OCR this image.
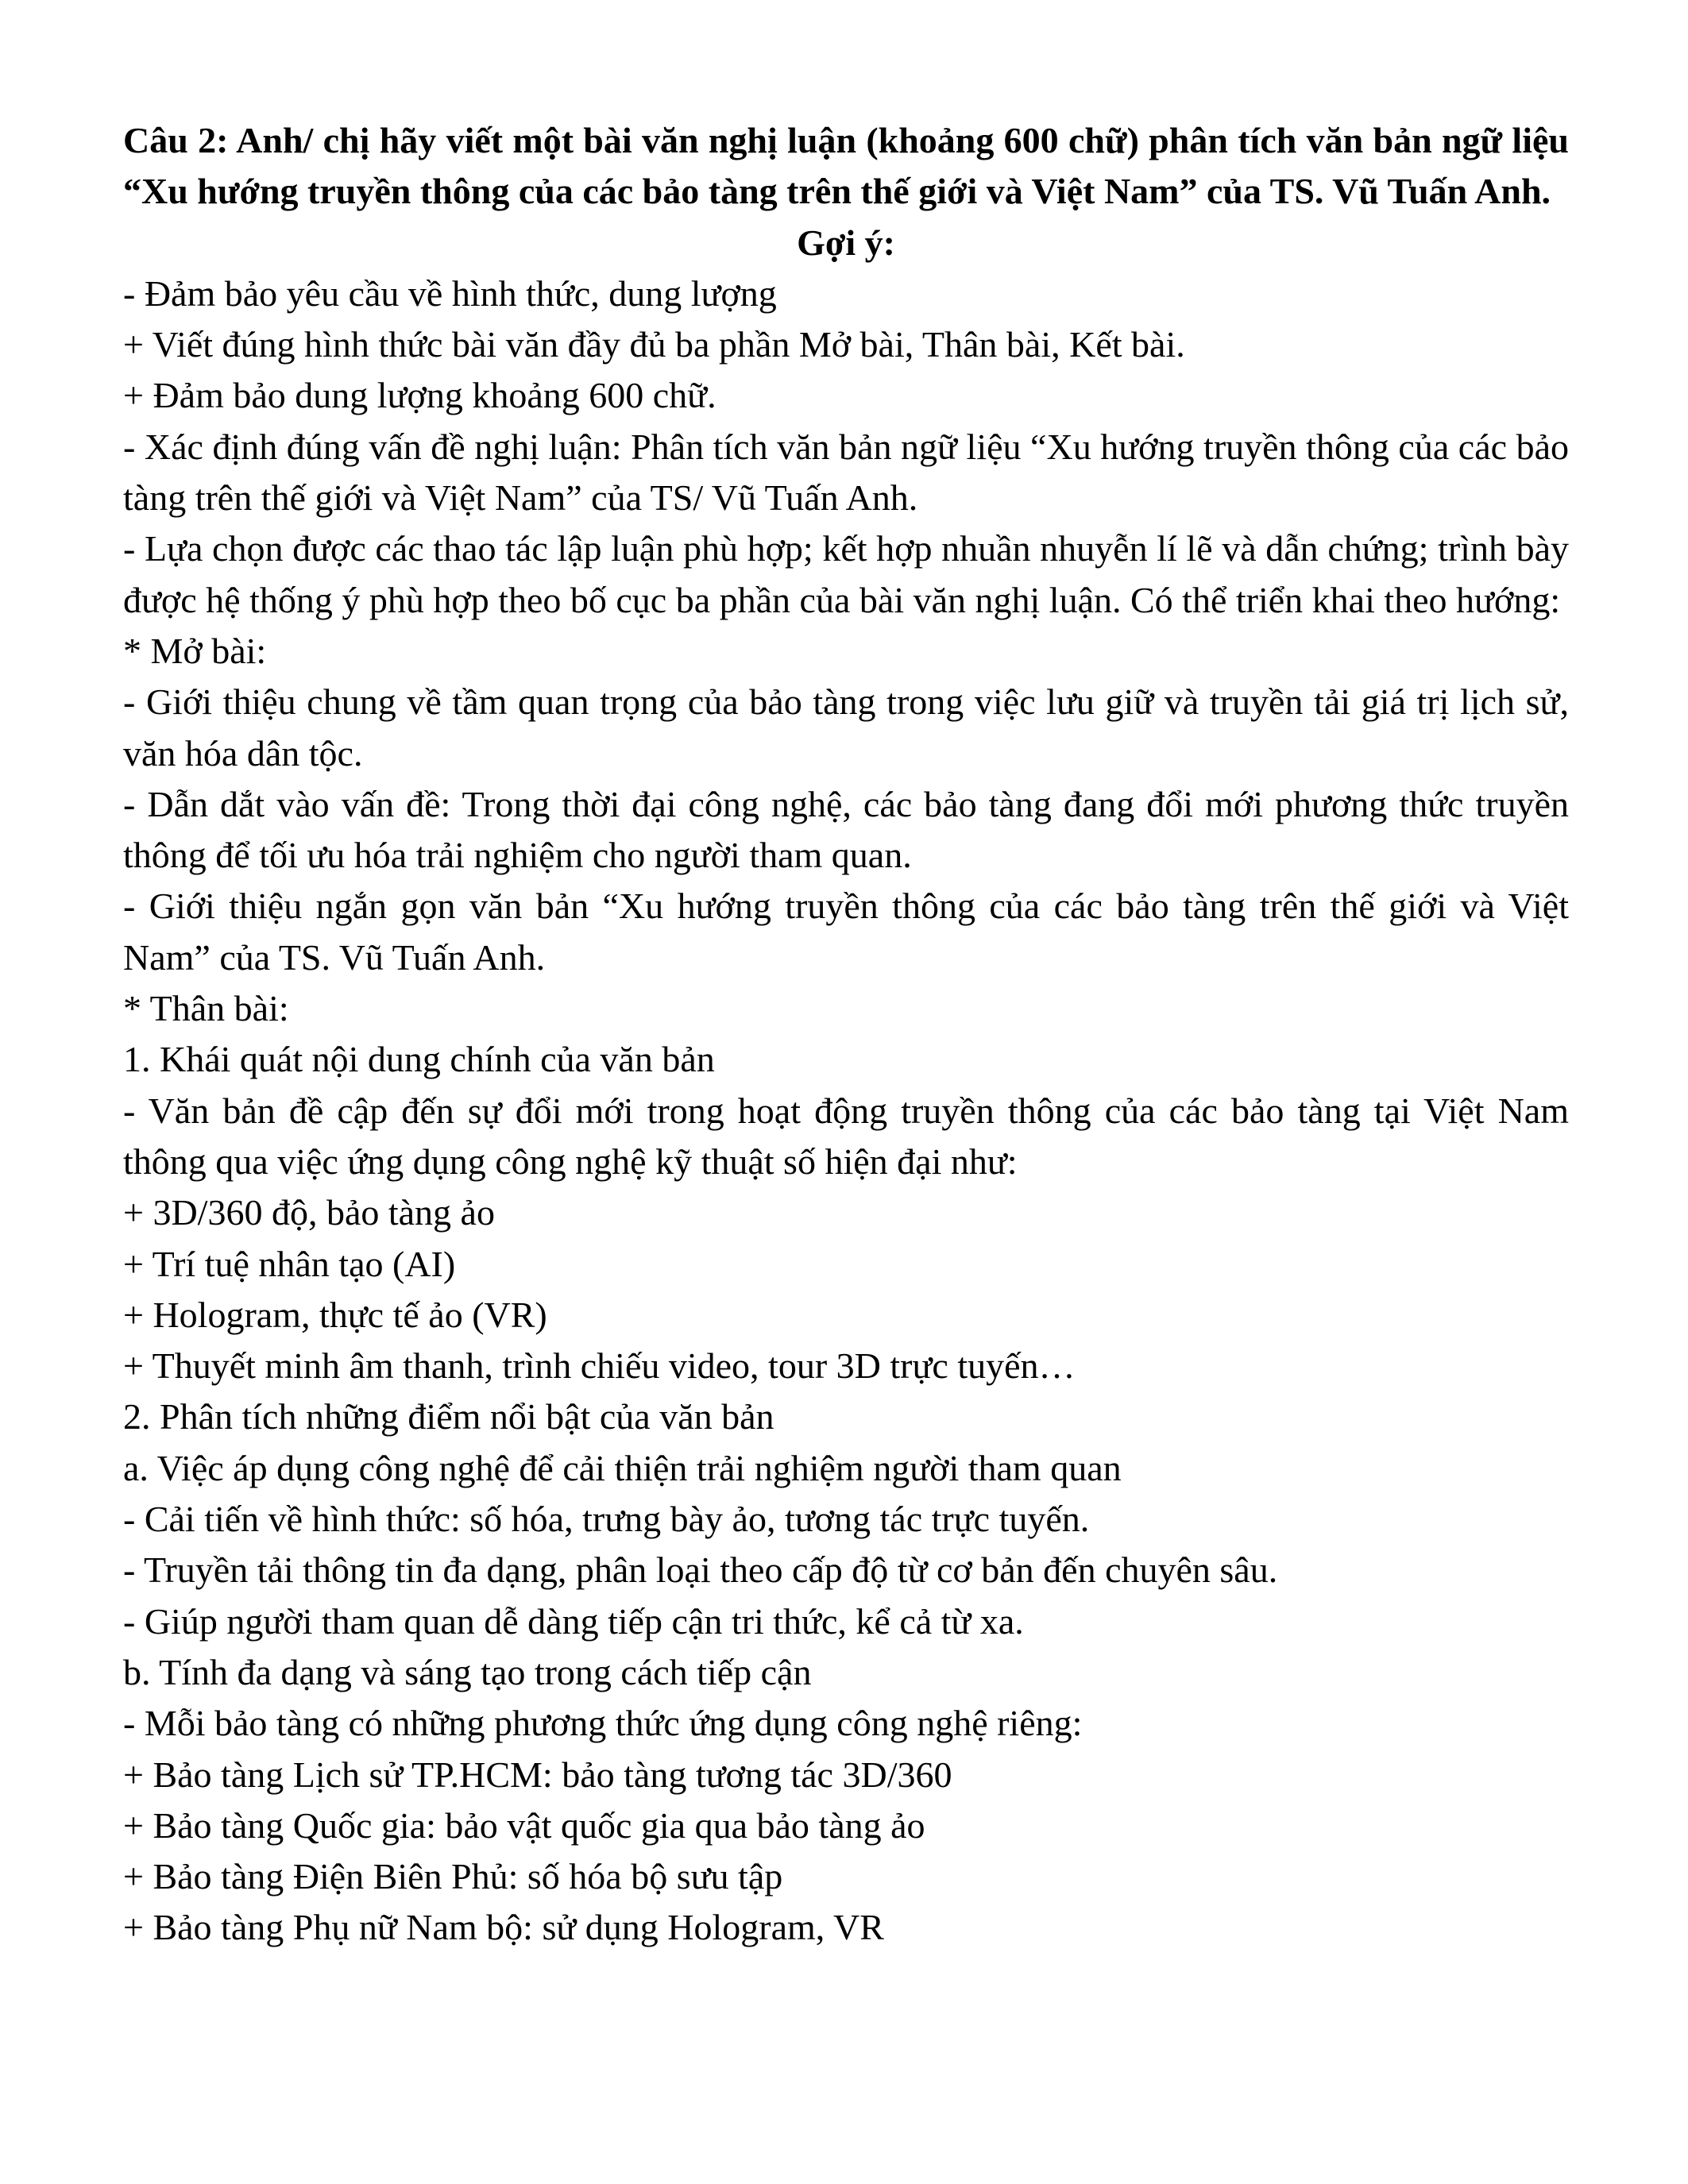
Câu 2: Anh/ chị hãy viết một bài văn nghị luận (khoảng 600 chữ) phân tích văn bản ngữ liệu “Xu hướng truyền thông của các bảo tàng trên thế giới và Việt Nam” của TS. Vũ Tuấn Anh.

Gợi ý:

- Đảm bảo yêu cầu về hình thức, dung lượng

+ Viết đúng hình thức bài văn đầy đủ ba phần Mở bài, Thân bài, Kết bài.

+ Đảm bảo dung lượng khoảng 600 chữ.

- Xác định đúng vấn đề nghị luận: Phân tích văn bản ngữ liệu “Xu hướng truyền thông của các bảo tàng trên thế giới và Việt Nam” của TS/ Vũ Tuấn Anh.

- Lựa chọn được các thao tác lập luận phù hợp; kết hợp nhuần nhuyễn lí lẽ và dẫn chứng; trình bày được hệ thống ý phù hợp theo bố cục ba phần của bài văn nghị luận. Có thể triển khai theo hướng:

* Mở bài:

- Giới thiệu chung về tầm quan trọng của bảo tàng trong việc lưu giữ và truyền tải giá trị lịch sử, văn hóa dân tộc.

- Dẫn dắt vào vấn đề: Trong thời đại công nghệ, các bảo tàng đang đổi mới phương thức truyền thông để tối ưu hóa trải nghiệm cho người tham quan.

- Giới thiệu ngắn gọn văn bản “Xu hướng truyền thông của các bảo tàng trên thế giới và Việt Nam” của TS. Vũ Tuấn Anh.

* Thân bài:

1. Khái quát nội dung chính của văn bản

- Văn bản đề cập đến sự đổi mới trong hoạt động truyền thông của các bảo tàng tại Việt Nam thông qua việc ứng dụng công nghệ kỹ thuật số hiện đại như:

+ 3D/360 độ, bảo tàng ảo

+ Trí tuệ nhân tạo (AI)

+ Hologram, thực tế ảo (VR)

+ Thuyết minh âm thanh, trình chiếu video, tour 3D trực tuyến…

2. Phân tích những điểm nổi bật của văn bản

a. Việc áp dụng công nghệ để cải thiện trải nghiệm người tham quan

- Cải tiến về hình thức: số hóa, trưng bày ảo, tương tác trực tuyến.

- Truyền tải thông tin đa dạng, phân loại theo cấp độ từ cơ bản đến chuyên sâu.

- Giúp người tham quan dễ dàng tiếp cận tri thức, kể cả từ xa.

b. Tính đa dạng và sáng tạo trong cách tiếp cận

- Mỗi bảo tàng có những phương thức ứng dụng công nghệ riêng:

+ Bảo tàng Lịch sử TP.HCM: bảo tàng tương tác 3D/360

+ Bảo tàng Quốc gia: bảo vật quốc gia qua bảo tàng ảo

+ Bảo tàng Điện Biên Phủ: số hóa bộ sưu tập

+ Bảo tàng Phụ nữ Nam bộ: sử dụng Hologram, VR
